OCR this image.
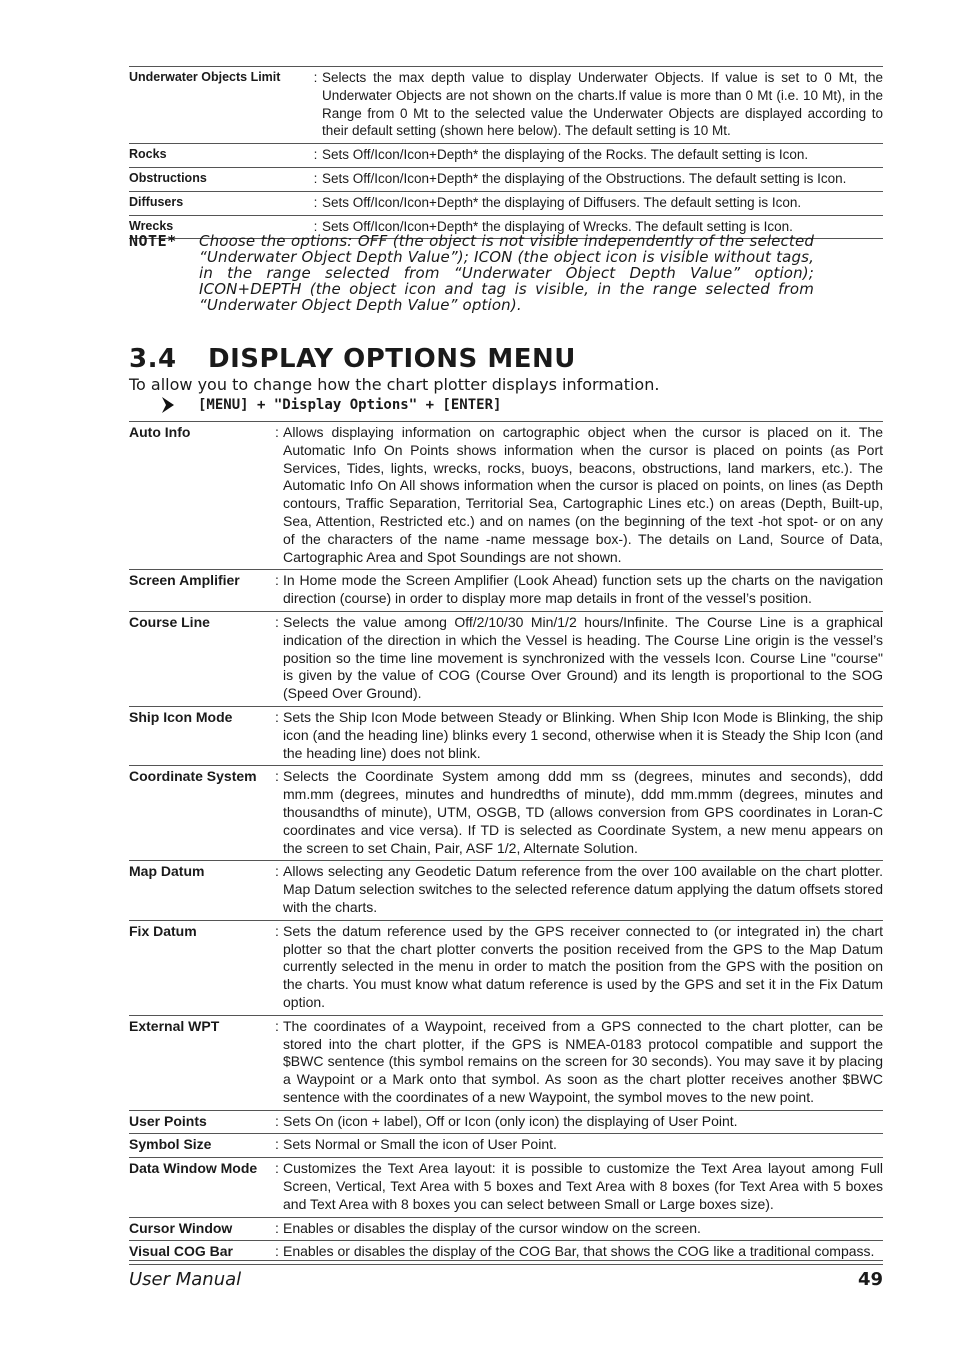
Underwater Objects Limit	: Selects the max depth value to display Underwater Objects. If value is set to 0 Mt, the Underwater Objects are not shown on the charts.If value is more than 0 Mt (i.e. 10 Mt), in the Range from 0 Mt to the selected value the Underwater Objects are displayed according to their default setting (shown here below). The default setting is 10 Mt.
Rocks	: Sets Off/Icon/Icon+Depth* the displaying of the Rocks. The default setting is Icon.
Obstructions	: Sets Off/Icon/Icon+Depth* the displaying of the Obstructions. The default setting is Icon.
Diffusers	: Sets Off/Icon/Icon+Depth* the displaying of Diffusers. The default setting is Icon.
Wrecks	: Sets Off/Icon/Icon+Depth* the displaying of Wrecks. The default setting is Icon.
NOTE*	Choose the options: OFF (the object is not visible independently of the selected “Underwater Object Depth Value”); ICON (the object icon is visible without tags, in the range selected from “Underwater Object Depth Value” option); ICON+DEPTH (the object icon and tag is visible, in the range selected from “Underwater Object Depth Value” option).
3.4 DISPLAY OPTIONS MENU

To allow you to change how the chart plotter displays information.

[MENU] + "Display Options" + [ENTER]
Auto Info	: Allows displaying information on cartographic object when the cursor is placed on it. The Automatic Info On Points shows information when the cursor is placed on points (as Port Services, Tides, lights, wrecks, rocks, buoys, beacons, obstructions, land markers, etc.). The Automatic Info On All shows information when the cursor is placed on points, on lines (as Depth contours, Traffic Separation, Territorial Sea, Cartographic Lines etc.) on areas (Depth, Built-up, Sea, Attention, Restricted etc.) and on names (on the beginning of the text -hot spot- or on any of the characters of the name -name message box-). The details on Land, Source of Data, Cartographic Area and Spot Soundings are not shown.
Screen Amplifier	: In Home mode the Screen Amplifier (Look Ahead) function sets up the charts on the navigation direction (course) in order to display more map details in front of the vessel’s position.
Course Line	: Selects the value among Off/2/10/30 Min/1/2 hours/Infinite. The Course Line is a graphical indication of the direction in which the Vessel is heading. The Course Line origin is the vessel’s position so the time line movement is synchronized with the vessels Icon. Course Line "course" is given by the value of COG (Course Over Ground) and its length is proportional to the SOG (Speed Over Ground).
Ship Icon Mode	: Sets the Ship Icon Mode between Steady or Blinking. When Ship Icon Mode is Blinking, the ship icon (and the heading line) blinks every 1 second, otherwise when it is Steady the Ship Icon (and the heading line) does not blink.
Coordinate System	: Selects the Coordinate System among ddd mm ss (degrees, minutes and seconds), ddd mm.mm (degrees, minutes and hundredths of minute), ddd mm.mmm (degrees, minutes and thousandths of minute), UTM, OSGB, TD (allows conversion from GPS coordinates in Loran-C coordinates and vice versa). If TD is selected as Coordinate System, a new menu appears on the screen to set Chain, Pair, ASF 1/2, Alternate Solution.
Map Datum	: Allows selecting any Geodetic Datum reference from the over 100 available on the chart plotter. Map Datum selection switches to the selected reference datum applying the datum offsets stored with the charts.
Fix Datum	: Sets the datum reference used by the GPS receiver connected to (or integrated in) the chart plotter so that the chart plotter converts the position received from the GPS to the Map Datum currently selected in the menu in order to match the position from the GPS with the position on the charts. You must know what datum reference is used by the GPS and set it in the Fix Datum option.
External WPT	: The coordinates of a Waypoint, received from a GPS connected to the chart plotter, can be stored into the chart plotter, if the GPS is NMEA-0183 protocol compatible and support the $BWC sentence (this symbol remains on the screen for 30 seconds). You may save it by placing a Waypoint or a Mark onto that symbol. As soon as the chart plotter receives another $BWC sentence with the coordinates of a new Waypoint, the symbol moves to the new point.
User Points	: Sets On (icon + label), Off or Icon (only icon) the displaying of User Point.
Symbol Size	: Sets Normal or Small the icon of User Point.
Data Window Mode	: Customizes the Text Area layout: it is possible to customize the Text Area layout among Full Screen, Vertical, Text Area with 5 boxes and Text Area with 8 boxes (for Text Area with 5 boxes and Text Area with 8 boxes you can select between Small or Large boxes size).
Cursor Window	: Enables or disables the display of the cursor window on the screen.
Visual COG Bar	: Enables or disables the display of the COG Bar, that shows the COG like a traditional compass.
User Manual	49
